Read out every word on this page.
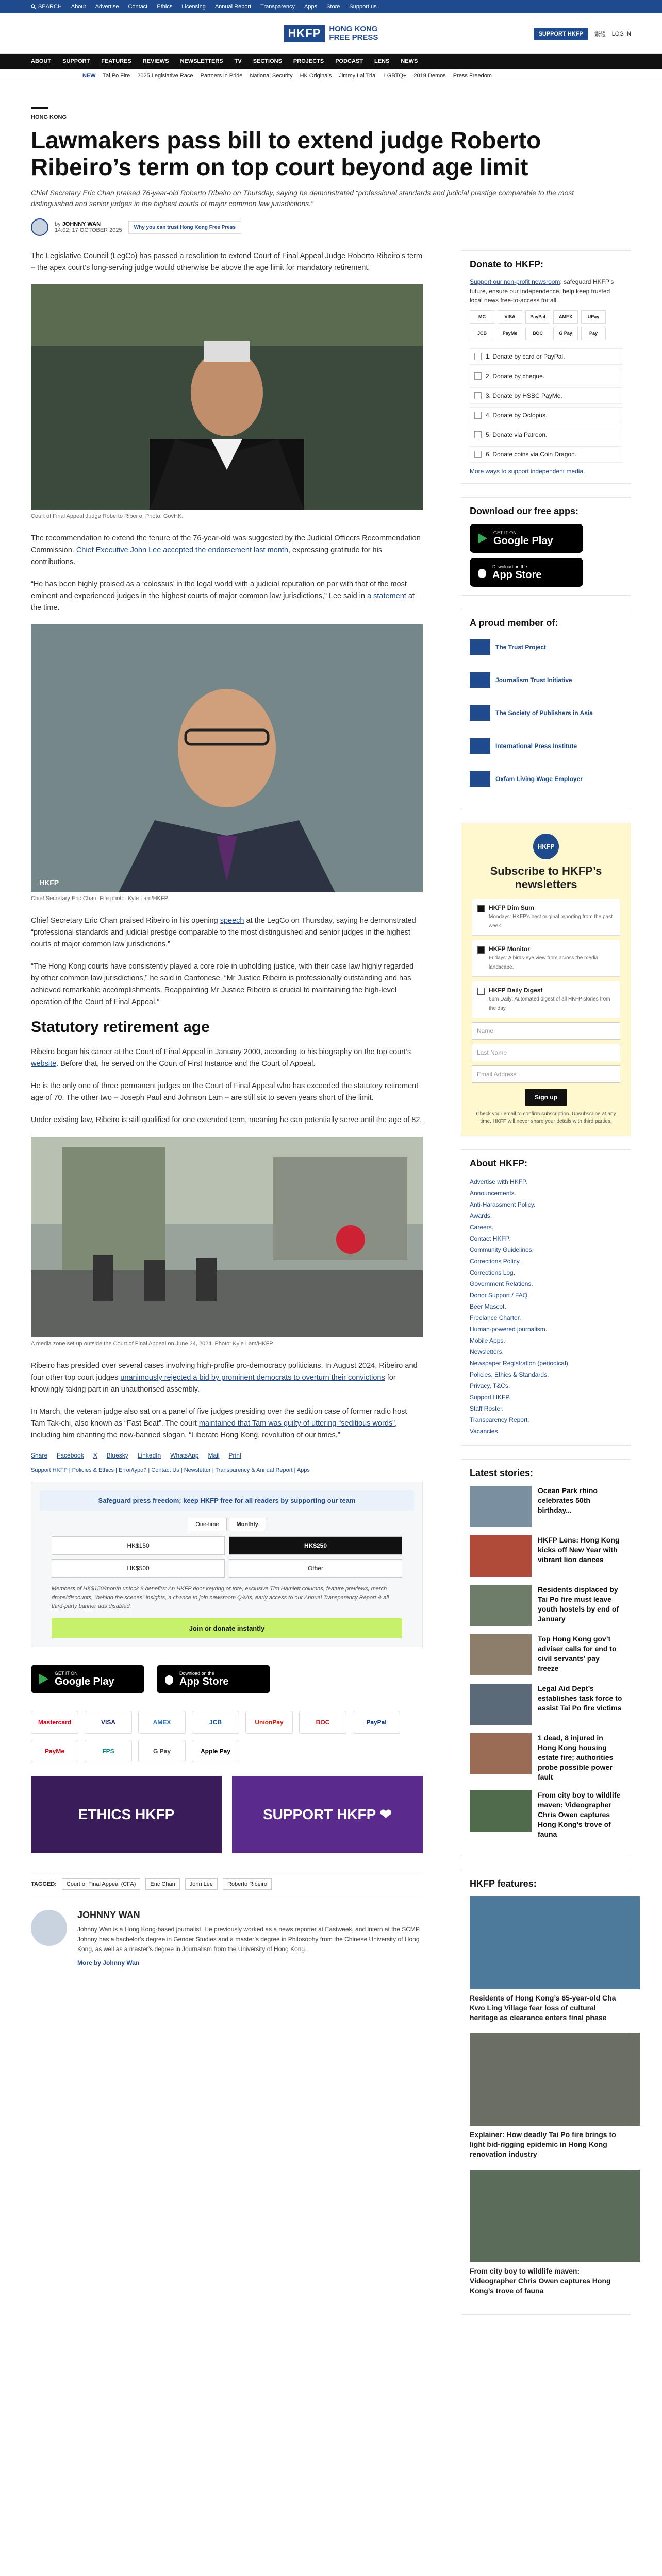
SEARCH About Advertise Contact Ethics Licensing Annual Report Transparency Apps Store Support us
HKFP	HONG KONG
FREE PRESS	SUPPORT HKFP	繁體 LOG IN
ABOUT SUPPORT FEATURES REVIEWS NEWSLETTERS TV SECTIONS PROJECTS PODCAST LENS NEWS
NEW Tai Po Fire 2025 Legislative Race Partners in Pride National Security HK Originals Jimmy Lai Trial LGBTQ+ 2019 Demos Press Freedom
HONG KONG
Lawmakers pass bill to extend judge Roberto Ribeiro’s term on top court beyond age limit

Chief Secretary Eric Chan praised 76-year-old Roberto Ribeiro on Thursday, saying he demonstrated “professional standards and judicial prestige comparable to the most distinguished and senior judges in the highest courts of major common law jurisdictions.”

by JOHNNY WAN
14:02, 17 OCTOBER 2025	Why you can trust Hong Kong Free Press

The Legislative Council (LegCo) has passed a resolution to extend Court of Final Appeal Judge Roberto Ribeiro’s term – the apex court’s long-serving judge would otherwise be above the age limit for mandatory retirement.

Court of Final Appeal Judge Roberto Ribeiro. Photo: GovHK.

The recommendation to extend the tenure of the 76-year-old was suggested by the Judicial Officers Recommendation Commission. Chief Executive John Lee accepted the endorsement last month, expressing gratitude for his contributions.

“He has been highly praised as a ‘colossus’ in the legal world with a judicial reputation on par with that of the most eminent and experienced judges in the highest courts of major common law jurisdictions,” Lee said in a statement at the time.

HKFP
Chief Secretary Eric Chan. File photo: Kyle Lam/HKFP.

Chief Secretary Eric Chan praised Ribeiro in his opening speech at the LegCo on Thursday, saying he demonstrated “professional standards and judicial prestige comparable to the most distinguished and senior judges in the highest courts of major common law jurisdictions.”

“The Hong Kong courts have consistently played a core role in upholding justice, with their case law highly regarded by other common law jurisdictions,” he said in Cantonese. “Mr Justice Ribeiro is professionally outstanding and has achieved remarkable accomplishments. Reappointing Mr Justice Ribeiro is crucial to maintaining the high-level operation of the Court of Final Appeal.”

Statutory retirement age

Ribeiro began his career at the Court of Final Appeal in January 2000, according to his biography on the top court’s website. Before that, he served on the Court of First Instance and the Court of Appeal.

He is the only one of three permanent judges on the Court of Final Appeal who has exceeded the statutory retirement age of 70. The other two – Joseph Paul and Johnson Lam – are still six to seven years short of the limit.

Under existing law, Ribeiro is still qualified for one extended term, meaning he can potentially serve until the age of 82.

A media zone set up outside the Court of Final Appeal on June 24, 2024. Photo: Kyle Lam/HKFP.

Ribeiro has presided over several cases involving high-profile pro-democracy politicians. In August 2024, Ribeiro and four other top court judges unanimously rejected a bid by prominent democrats to overturn their convictions for knowingly taking part in an unauthorised assembly.

In March, the veteran judge also sat on a panel of five judges presiding over the sedition case of former radio host Tam Tak-chi, also known as “Fast Beat”. The court maintained that Tam was guilty of uttering “seditious words”, including him chanting the now-banned slogan, “Liberate Hong Kong, revolution of our times.”

Share Facebook X Bluesky LinkedIn WhatsApp Mail Print
Support HKFP | Policies & Ethics | Error/typo? | Contact Us | Newsletter | Transparency & Annual Report | Apps
Safeguard press freedom; keep HKFP free for all readers by supporting our team
One-time	Monthly
HK$150	HK$250
HK$500	Other

Members of HK$150/month unlock 8 benefits: An HKFP door keyring or tote, exclusive Tim Hamlett columns, feature previews, merch drops/discounts, “behind the scenes” insights, a chance to join newsroom Q&As, early access to our Annual Transparency Report & all third-party banner ads disabled.

Join or donate instantly
GET IT ON
Google Play
Download on the
App Store
Mastercard	VISA	AMEX	JCB	UnionPay	BOC	PayPal
PayMe	FPS	G Pay	Apple Pay
ETHICS HKFP	SUPPORT HKFP ❤
TAGGED:	Court of Final Appeal (CFA)	Eric Chan	John Lee	Roberto Ribeiro
JOHNNY WAN

Johnny Wan is a Hong Kong-based journalist. He previously worked as a news reporter at Eastweek, and intern at the SCMP. Johnny has a bachelor’s degree in Gender Studies and a master’s degree in Philosophy from the Chinese University of Hong Kong, as well as a master’s degree in Journalism from the University of Hong Kong.

More by Johnny Wan

Donate to HKFP:

Support our non-profit newsroom: safeguard HKFP’s future, ensure our independence, help keep trusted local news free-to-access for all.

MC	VISA	PayPal	AMEX	UPay
JCB	PayMe	BOC	G Pay	Pay
1. Donate by card or PayPal.
2. Donate by cheque.
3. Donate by HSBC PayMe.
4. Donate by Octopus.
5. Donate via Patreon.
6. Donate coins via Coin Dragon.
More ways to support independent media.
Download our free apps:
GET IT ON
Google Play
Download on the
App Store
A proud member of:
The Trust Project
Journalism Trust Initiative
The Society of Publishers in Asia
International Press Institute
Oxfam Living Wage Employer
HKFP
Subscribe to HKFP’s newsletters
HKFP Dim Sum
Mondays: HKFP’s best original reporting from the past week.
HKFP Monitor
Fridays: A birds-eye view from across the media landscape.
HKFP Daily Digest
6pm Daily: Automated digest of all HKFP stories from the day.
Name
Last Name
Email Address
Sign up

Check your email to confirm subscription. Unsubscribe at any time. HKFP will never share your details with third parties.

About HKFP:
Advertise with HKFP.
Announcements.
Anti-Harassment Policy.
Awards.
Careers.
Contact HKFP.
Community Guidelines.
Corrections Policy.
Corrections Log.
Government Relations.
Donor Support / FAQ.
Beer Mascot.
Freelance Charter.
Human-powered journalism.
Mobile Apps.
Newsletters.
Newspaper Registration (periodical).
Policies, Ethics & Standards.
Privacy, T&Cs.
Support HKFP.
Staff Roster.
Transparency Report.
Vacancies.
Latest stories:
Ocean Park rhino celebrates 50th birthday...
HKFP Lens: Hong Kong kicks off New Year with vibrant lion dances
Residents displaced by Tai Po fire must leave youth hostels by end of January
Top Hong Kong gov’t adviser calls for end to civil servants’ pay freeze
Legal Aid Dept’s establishes task force to assist Tai Po fire victims
1 dead, 8 injured in Hong Kong housing estate fire; authorities probe possible power fault
From city boy to wildlife maven: Videographer Chris Owen captures Hong Kong’s trove of fauna
HKFP features:
Residents of Hong Kong’s 65-year-old Cha Kwo Ling Village fear loss of cultural heritage as clearance enters final phase
Explainer: How deadly Tai Po fire brings to light bid-rigging epidemic in Hong Kong renovation industry
From city boy to wildlife maven: Videographer Chris Owen captures Hong Kong’s trove of fauna
